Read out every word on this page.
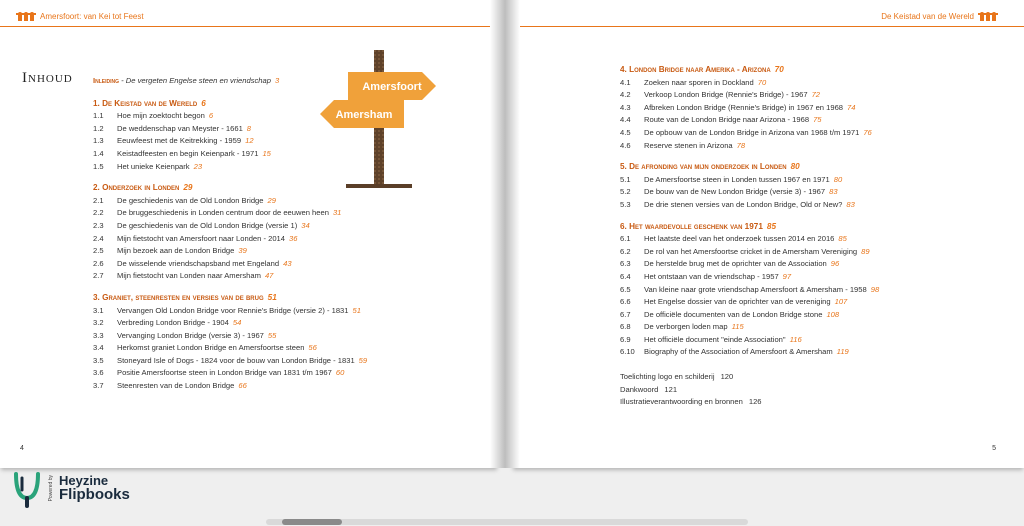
Amersfoort: van Kei tot Feest
Inhoud
Amersfoort
Amersham
Inleiding - De vergeten Engelse steen en vriendschap 3
1. De Keistad van de Wereld 6
1.1	Hoe mijn zoektocht begon 6
1.2	De weddenschap van Meyster - 1661 8
1.3	Eeuwfeest met de Keitrekking - 1959 12
1.4	Keistadfeesten en begin Keienpark - 1971 15
1.5	Het unieke Keienpark 23
2. Onderzoek in Londen 29
2.1	De geschiedenis van de Old London Bridge 29
2.2	De bruggeschiedenis in Londen centrum door de eeuwen heen 31
2.3	De geschiedenis van de Old London Bridge (versie 1) 34
2.4	Mijn fietstocht van Amersfoort naar Londen - 2014 36
2.5	Mijn bezoek aan de London Bridge 39
2.6	De wisselende vriendschapsband met Engeland 43
2.7	Mijn fietstocht van Londen naar Amersham 47
3. Graniet, steenresten en versies van de brug 51
3.1	Vervangen Old London Bridge voor Rennie's Bridge (versie 2) - 1831 51
3.2	Verbreding London Bridge - 1904 54
3.3	Vervanging London Bridge (versie 3) - 1967 55
3.4	Herkomst graniet London Bridge en Amersfoortse steen 56
3.5	Stoneyard Isle of Dogs - 1824 voor de bouw van London Bridge - 1831 59
3.6	Positie Amersfoortse steen in London Bridge van 1831 t/m 1967 60
3.7	Steenresten van de London Bridge 66
4
De Keistad van de Wereld
5
4. London Bridge naar Amerika - Arizona 70
4.1	Zoeken naar sporen in Dockland 70
4.2	Verkoop London Bridge (Rennie's Bridge) - 1967 72
4.3	Afbreken London Bridge (Rennie's Bridge) in 1967 en 1968 74
4.4	Route van de London Bridge naar Arizona - 1968 75
4.5	De opbouw van de London Bridge in Arizona van 1968 t/m 1971 76
4.6	Reserve stenen in Arizona 78
5. De afronding van mijn onderzoek in Londen 80
5.1	De Amersfoortse steen in Londen tussen 1967 en 1971 80
5.2	De bouw van de New London Bridge (versie 3) - 1967 83
5.3	De drie stenen versies van de London Bridge, Old or New? 83
6. Het waardevolle geschenk van 1971 85
6.1	Het laatste deel van het onderzoek tussen 2014 en 2016 85
6.2	De rol van het Amersfoortse cricket in de Amersham Vereniging 89
6.3	De herstelde brug met de oprichter van de Association 96
6.4	Het ontstaan van de vriendschap - 1957 97
6.5	Van kleine naar grote vriendschap Amersfoort & Amersham - 1958 98
6.6	Het Engelse dossier van de oprichter van de vereniging 107
6.7	De officiële documenten van de London Bridge stone 108
6.8	De verborgen loden map 115
6.9	Het officiële document "einde Association" 116
6.10	Biography of the Association of Amersfoort & Amersham 119
Toelichting logo en schilderij 120
Dankwoord 121
Illustratieverantwoording en bronnen 126
Powered by Heyzine
Flipbooks
